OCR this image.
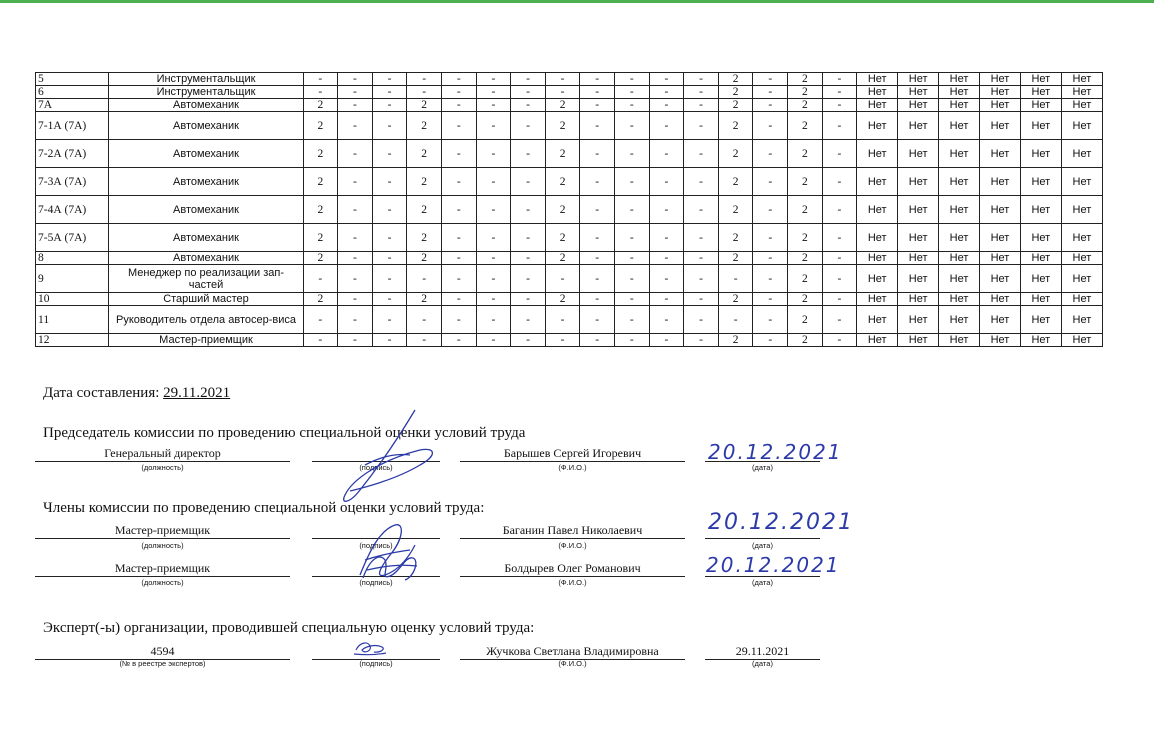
5	Инструментальщик	-	-	-	-	-	-	-	-	-	-	-	-	2	-	2	-	Нет	Нет	Нет	Нет	Нет	Нет
6	Инструментальщик	-	-	-	-	-	-	-	-	-	-	-	-	2	-	2	-	Нет	Нет	Нет	Нет	Нет	Нет
7А	Автомеханик	2	-	-	2	-	-	-	2	-	-	-	-	2	-	2	-	Нет	Нет	Нет	Нет	Нет	Нет
7-1А (7А)	Автомеханик	2	-	-	2	-	-	-	2	-	-	-	-	2	-	2	-	Нет	Нет	Нет	Нет	Нет	Нет
7-2А (7А)	Автомеханик	2	-	-	2	-	-	-	2	-	-	-	-	2	-	2	-	Нет	Нет	Нет	Нет	Нет	Нет
7-3А (7А)	Автомеханик	2	-	-	2	-	-	-	2	-	-	-	-	2	-	2	-	Нет	Нет	Нет	Нет	Нет	Нет
7-4А (7А)	Автомеханик	2	-	-	2	-	-	-	2	-	-	-	-	2	-	2	-	Нет	Нет	Нет	Нет	Нет	Нет
7-5А (7А)	Автомеханик	2	-	-	2	-	-	-	2	-	-	-	-	2	-	2	-	Нет	Нет	Нет	Нет	Нет	Нет
8	Автомеханик	2	-	-	2	-	-	-	2	-	-	-	-	2	-	2	-	Нет	Нет	Нет	Нет	Нет	Нет
9	Менеджер по реализации зап-частей	-	-	-	-	-	-	-	-	-	-	-	-	-	-	2	-	Нет	Нет	Нет	Нет	Нет	Нет
10	Старший мастер	2	-	-	2	-	-	-	2	-	-	-	-	2	-	2	-	Нет	Нет	Нет	Нет	Нет	Нет
11	Руководитель отдела автосер-виса	-	-	-	-	-	-	-	-	-	-	-	-	-	-	2	-	Нет	Нет	Нет	Нет	Нет	Нет
12	Мастер-приемщик	-	-	-	-	-	-	-	-	-	-	-	-	2	-	2	-	Нет	Нет	Нет	Нет	Нет	Нет
Дата составления: 29.11.2021
Председатель комиссии по проведению специальной оценки условий труда
Генеральный директор
(должность)	(подпись)
Барышев Сергей Игоревич
(Ф.И.О.)
20.12.2021
(дата)
Члены комиссии по проведению специальной оценки условий труда:
Мастер-приемщик
(должность)	(подпись)
Баганин Павел Николаевич
(Ф.И.О.)
20.12.2021
(дата)
Мастер-приемщик
(должность)	(подпись)
Болдырев Олег Романович
(Ф.И.О.)
20.12.2021
(дата)
Эксперт(-ы) организации, проводившей специальную оценку условий труда:
4594
(№ в реестре экспертов)	(подпись)
Жучкова Светлана Владимировна
(Ф.И.О.)
29.11.2021
(дата)
